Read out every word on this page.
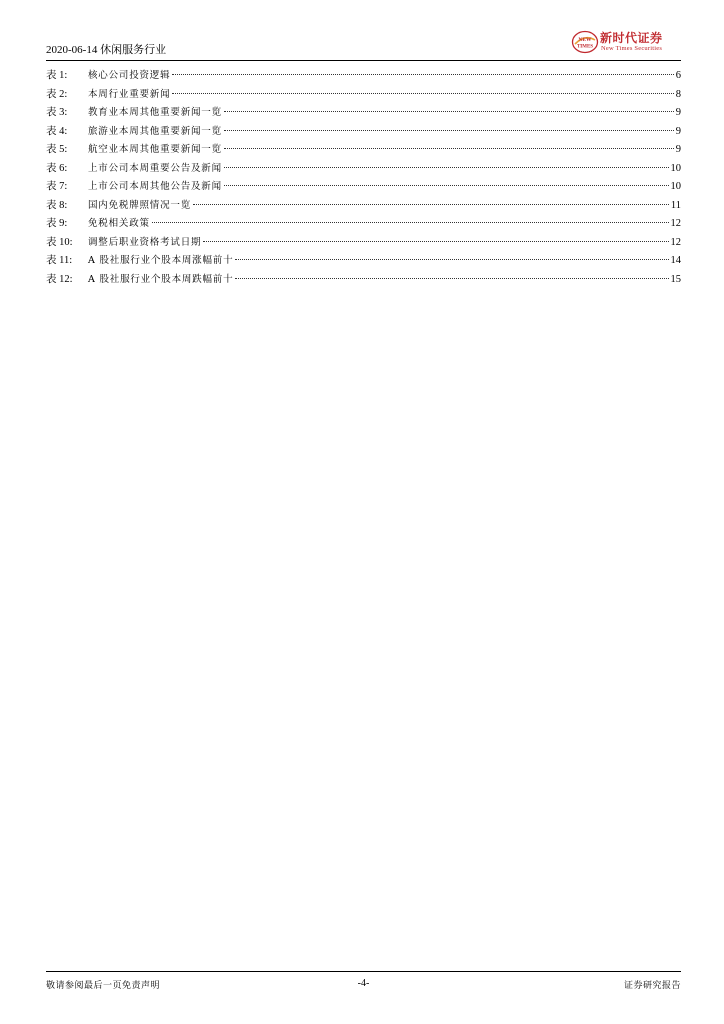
2020-06-14 休闲服务行业
NEW
TIMES
新时代证券
New Times Securities
表 1:	核心公司投资逻辑	6
表 2:	本周行业重要新闻	8
表 3:	教育业本周其他重要新闻一览	9
表 4:	旅游业本周其他重要新闻一览	9
表 5:	航空业本周其他重要新闻一览	9
表 6:	上市公司本周重要公告及新闻	10
表 7:	上市公司本周其他公告及新闻	10
表 8:	国内免税牌照情况一览	11
表 9:	免税相关政策	12
表 10:	调整后职业资格考试日期	12
表 11:	A 股社服行业个股本周涨幅前十	14
表 12:	A 股社服行业个股本周跌幅前十	15
敬请参阅最后一页免责声明	-4-	证券研究报告
